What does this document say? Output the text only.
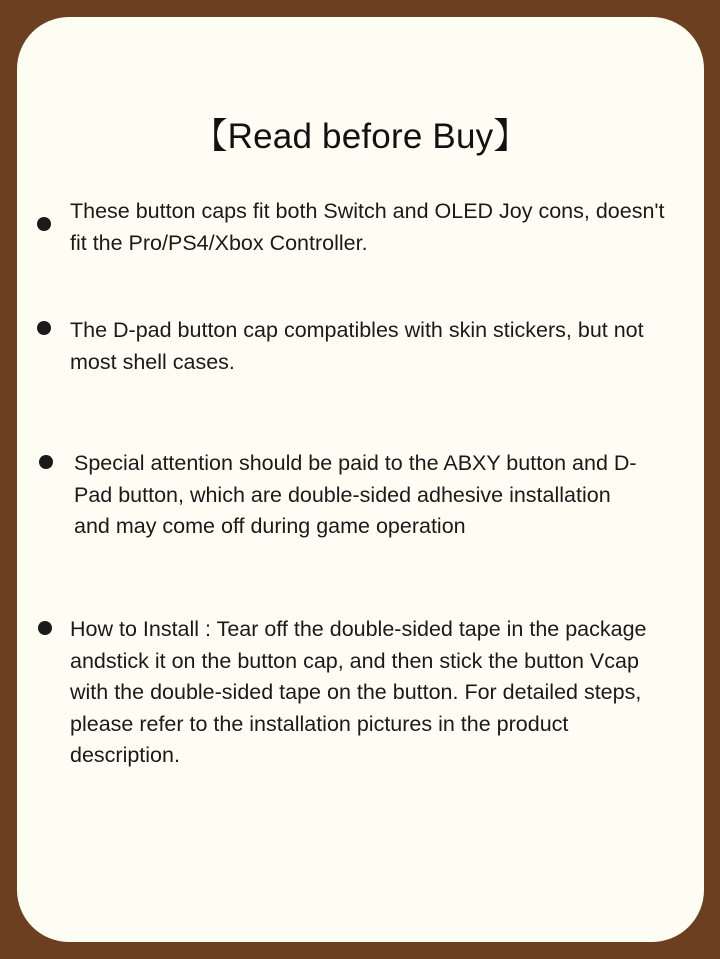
【Read before Buy】
These button caps fit both Switch and OLED Joy cons, doesn't fit the Pro/PS4/Xbox Controller.
The D-pad button cap compatibles with skin stickers, but not most shell cases.
Special attention should be paid to the ABXY button and D-Pad button, which are double-sided adhesive installation and may come off during game operation
How to Install : Tear off the double-sided tape in the package andstick it on the button cap, and then stick the button Vcap with the double-sided tape on the button. For detailed steps, please refer to the installation pictures in the product description.
